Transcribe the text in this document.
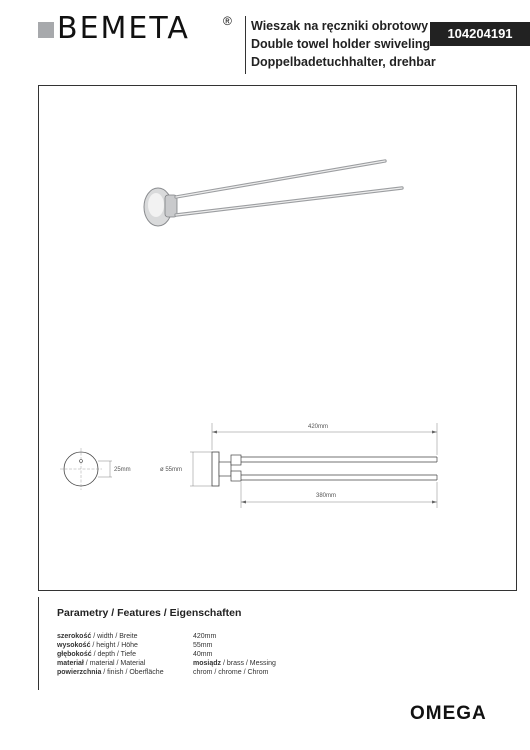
BEMETA	® Wieszak na ręczniki obrotowy
Double towel holder swiveling
Doppelbadetuchhalter, drehbar
104204191
25mm	ø 55mm
420mm
380mm
Parametry / Features / Eigenschaften
szerokość / width / Breite	420mm
wysokość / height / Höhe	55mm
głębokość / depth / Tiefe	40mm
materiał / material / Material	mosiądz / brass / Messing
powierzchnia / finish / Oberfläche	chrom / chrome / Chrom
OMEGA
